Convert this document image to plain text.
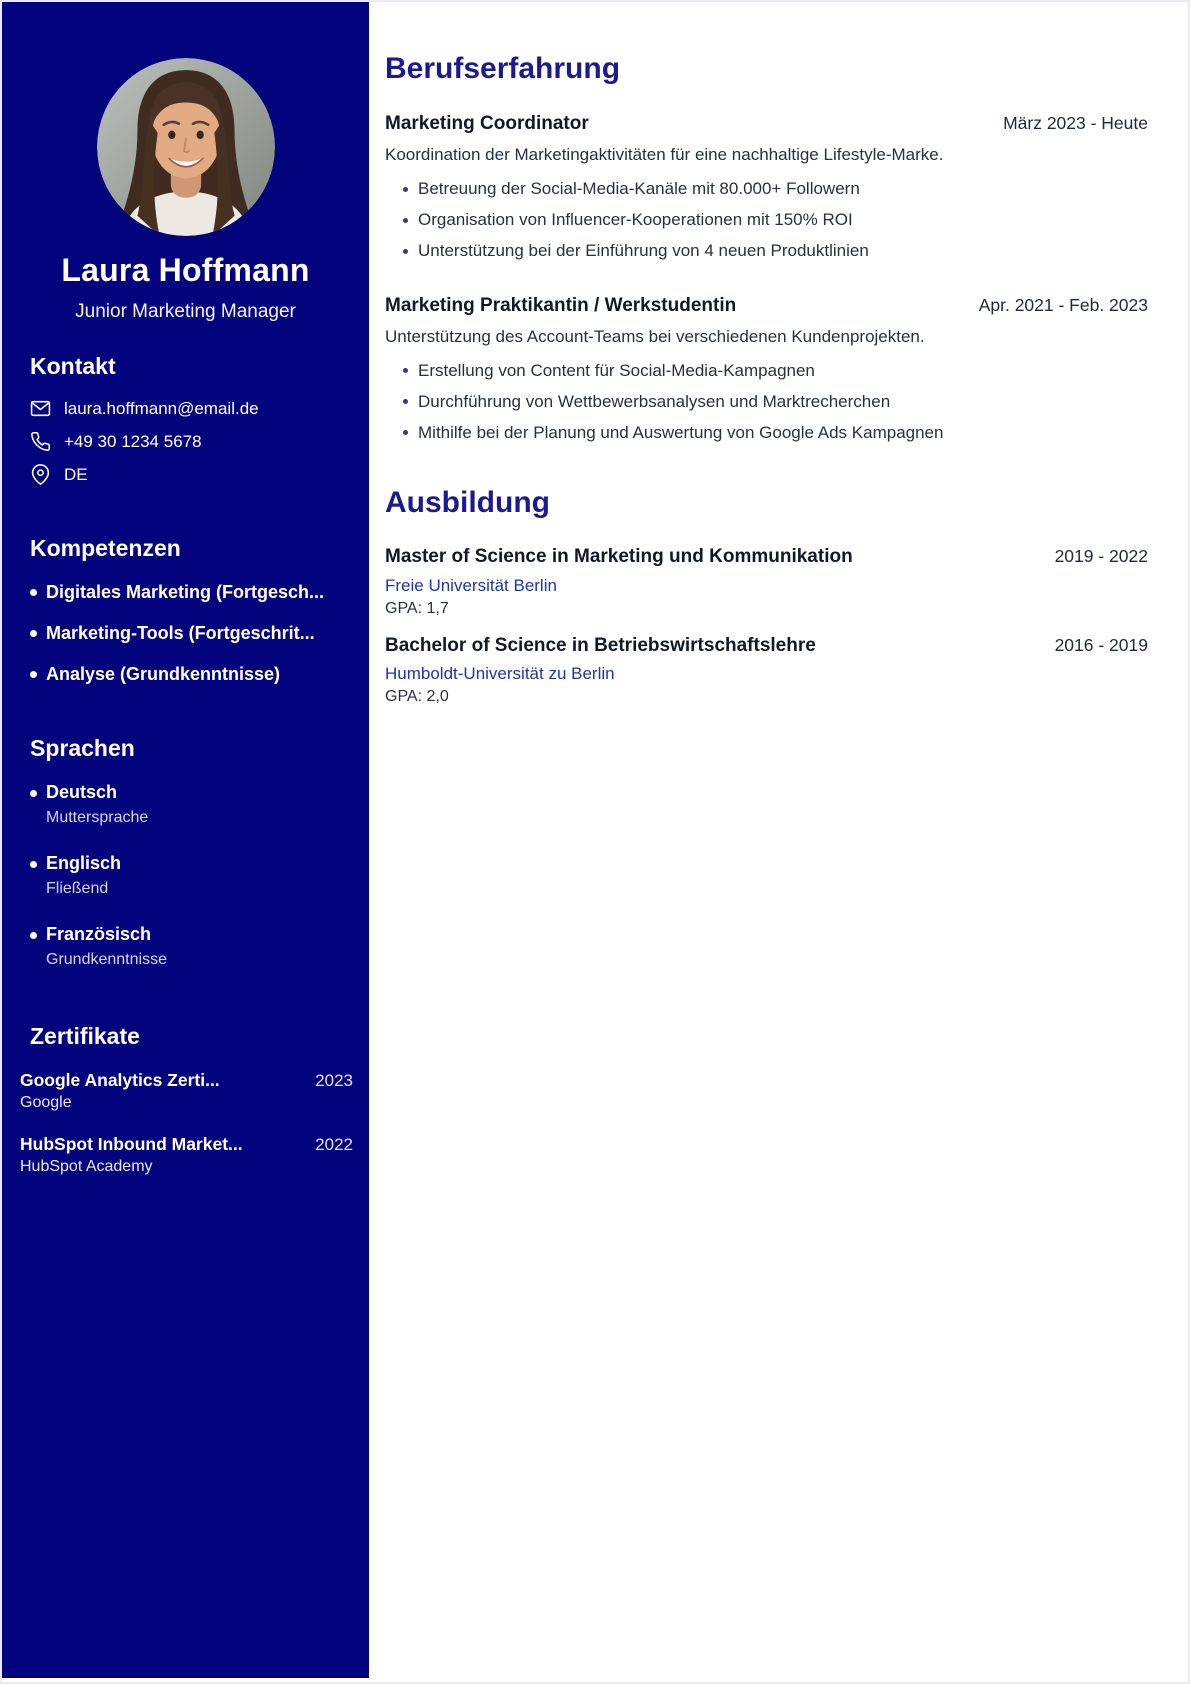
Laura Hoffmann
Junior Marketing Manager
Kontakt
laura.hoffmann@email.de
+49 30 1234 5678
DE
Kompetenzen
Digitales Marketing (Fortgesch...
Marketing-Tools (Fortgeschrit...
Analyse (Grundkenntnisse)
Sprachen
Deutsch
Muttersprache
Englisch
Fließend
Französisch
Grundkenntnisse
Zertifikate
Google Analytics Zerti...	2023
Google
HubSpot Inbound Market...	2022
HubSpot Academy
Berufserfahrung
Marketing Coordinator	März 2023 - Heute

Koordination der Marketingaktivitäten für eine nachhaltige Lifestyle-Marke.

Betreuung der Social-Media-Kanäle mit 80.000+ Followern
Organisation von Influencer-Kooperationen mit 150% ROI
Unterstützung bei der Einführung von 4 neuen Produktlinien
Marketing Praktikantin / Werkstudentin	Apr. 2021 - Feb. 2023

Unterstützung des Account-Teams bei verschiedenen Kundenprojekten.

Erstellung von Content für Social-Media-Kampagnen
Durchführung von Wettbewerbsanalysen und Marktrecherchen
Mithilfe bei der Planung und Auswertung von Google Ads Kampagnen
Ausbildung
Master of Science in Marketing und Kommunikation	2019 - 2022
Freie Universität Berlin
GPA: 1,7
Bachelor of Science in Betriebswirtschaftslehre	2016 - 2019
Humboldt-Universität zu Berlin
GPA: 2,0
